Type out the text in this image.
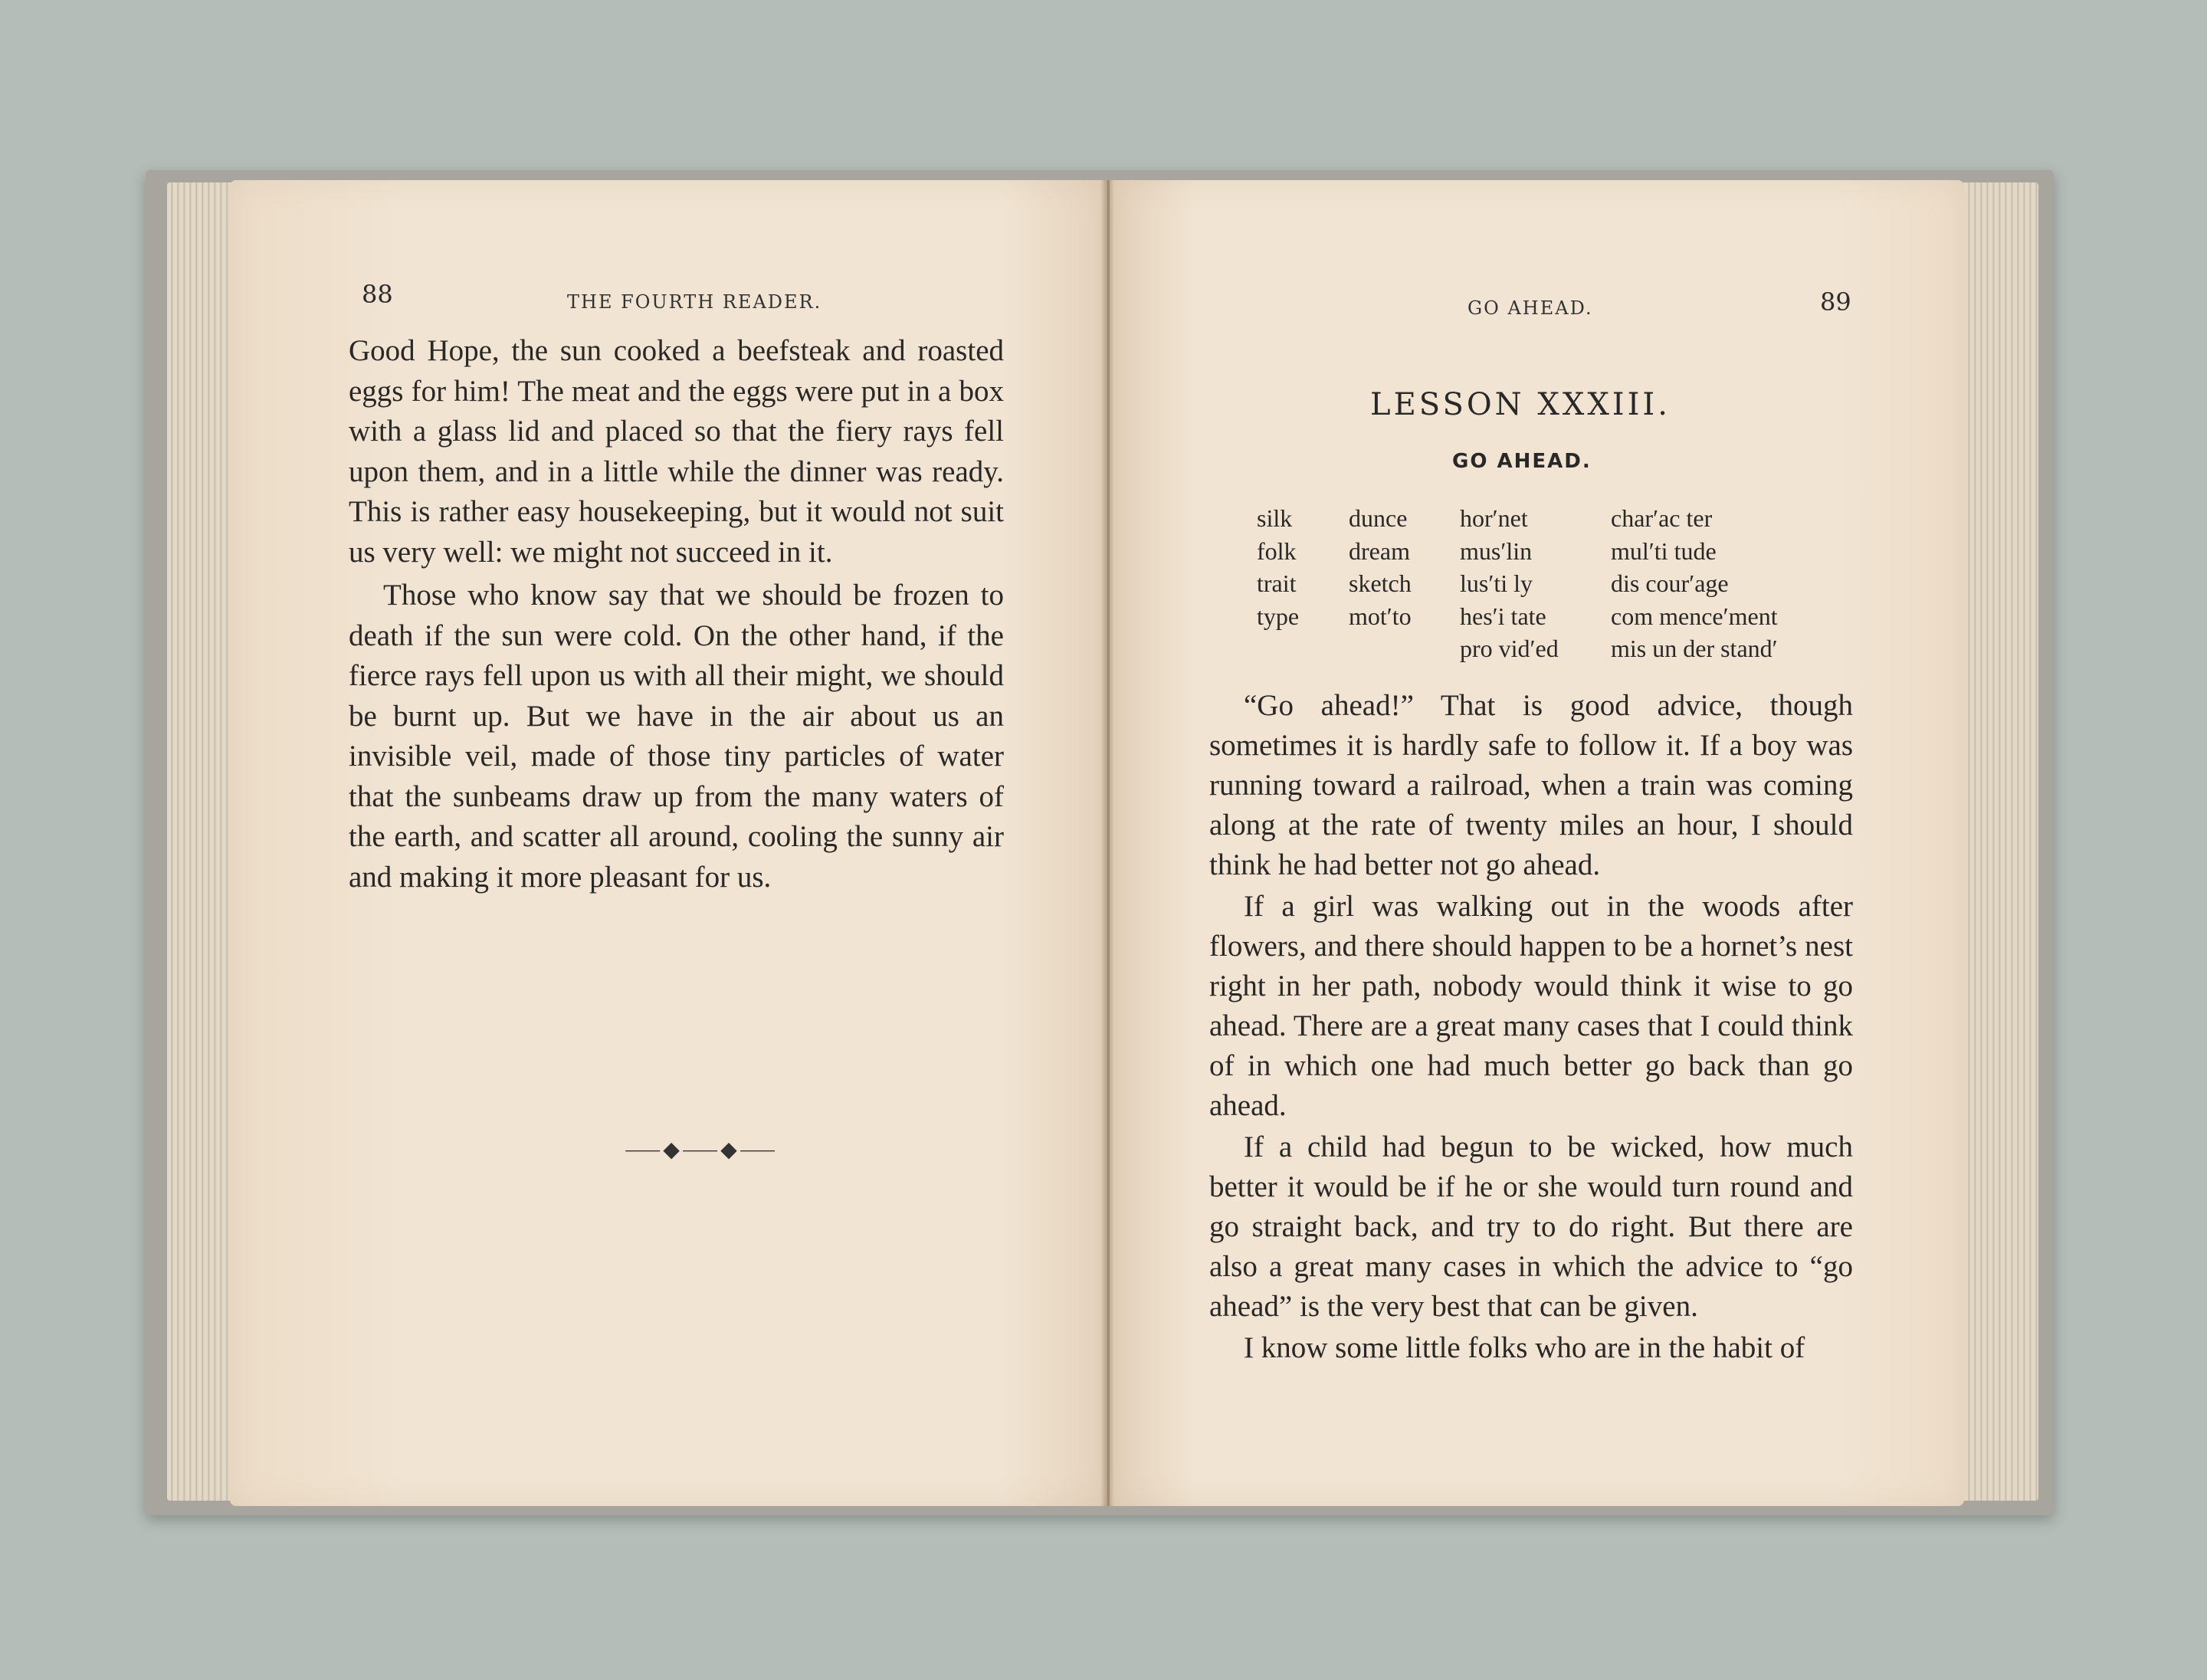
88	THE FOURTH READER.

Good Hope, the sun cooked a beefsteak and roasted eggs for him! The meat and the eggs were put in a box with a glass lid and placed so that the fiery rays fell upon them, and in a little while the dinner was ready. This is rather easy housekeeping, but it would not suit us very well: we might not succeed in it.

Those who know say that we should be frozen to death if the sun were cold. On the other hand, if the fierce rays fell upon us with all their might, we should be burnt up. But we have in the air about us an invisible veil, made of those tiny particles of water that the sunbeams draw up from the many waters of the earth, and scatter all around, cooling the sunny air and making it more pleasant for us.

⸺◆⸺◆⸺
GO AHEAD.	89
LESSON XXXIII.
GO AHEAD.
silk
folk
trait
type
dunce
dream
sketch
mot′to
hor′net
mus′lin
lus′ti ly
hes′i tate
pro vid′ed
char′ac ter
mul′ti tude
dis cour′age
com mence′ment
mis un der stand′

“Go ahead!” That is good advice, though sometimes it is hardly safe to follow it. If a boy was running toward a railroad, when a train was coming along at the rate of twenty miles an hour, I should think he had better not go ahead.

If a girl was walking out in the woods after flowers, and there should happen to be a hornet’s nest right in her path, nobody would think it wise to go ahead. There are a great many cases that I could think of in which one had much better go back than go ahead.

If a child had begun to be wicked, how much better it would be if he or she would turn round and go straight back, and try to do right. But there are also a great many cases in which the advice to “go ahead” is the very best that can be given.

I know some little folks who are in the habit of
